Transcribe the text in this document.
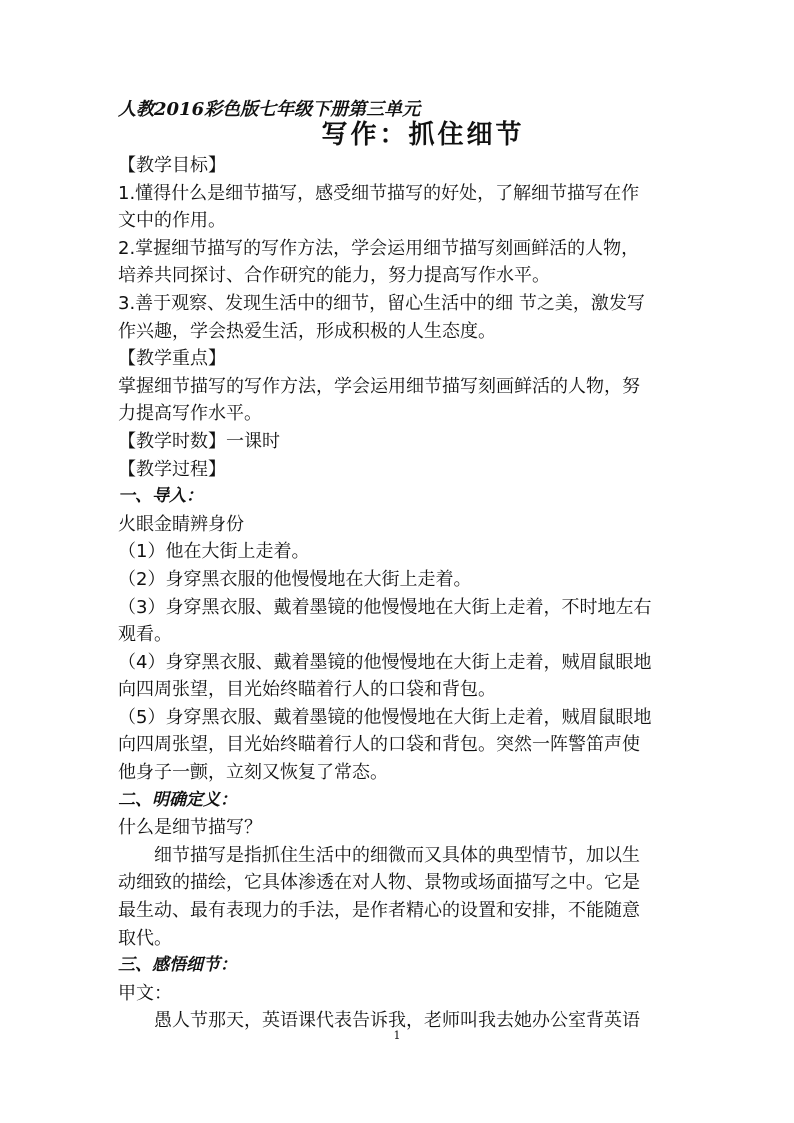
人教2016彩色版七年级下册第三单元
写作：抓住细节
【教学目标】
1.懂得什么是细节描写，感受细节描写的好处，了解细节描写在作
文中的作用。
2.掌握细节描写的写作方法，学会运用细节描写刻画鲜活的人物，
培养共同探讨、合作研究的能力，努力提高写作水平。
3.善于观察、发现生活中的细节，留心生活中的细 节之美，激发写
作兴趣，学会热爱生活，形成积极的人生态度。
【教学重点】
掌握细节描写的写作方法，学会运用细节描写刻画鲜活的人物，努
力提高写作水平。
【教学时数】一课时
【教学过程】
一、导入：
火眼金睛辨身份
（1）他在大街上走着。
（2）身穿黑衣服的他慢慢地在大街上走着。
（3）身穿黑衣服、戴着墨镜的他慢慢地在大街上走着，不时地左右
观看。
（4）身穿黑衣服、戴着墨镜的他慢慢地在大街上走着，贼眉鼠眼地
向四周张望，目光始终瞄着行人的口袋和背包。
（5）身穿黑衣服、戴着墨镜的他慢慢地在大街上走着，贼眉鼠眼地
向四周张望，目光始终瞄着行人的口袋和背包。突然一阵警笛声使
他身子一颤，立刻又恢复了常态。
二、明确定义：
什么是细节描写？
细节描写是指抓住生活中的细微而又具体的典型情节，加以生
动细致的描绘，它具体渗透在对人物、景物或场面描写之中。它是
最生动、最有表现力的手法，是作者精心的设置和安排，不能随意
取代。
三、感悟细节：
甲文：
愚人节那天，英语课代表告诉我，老师叫我去她办公室背英语
1
